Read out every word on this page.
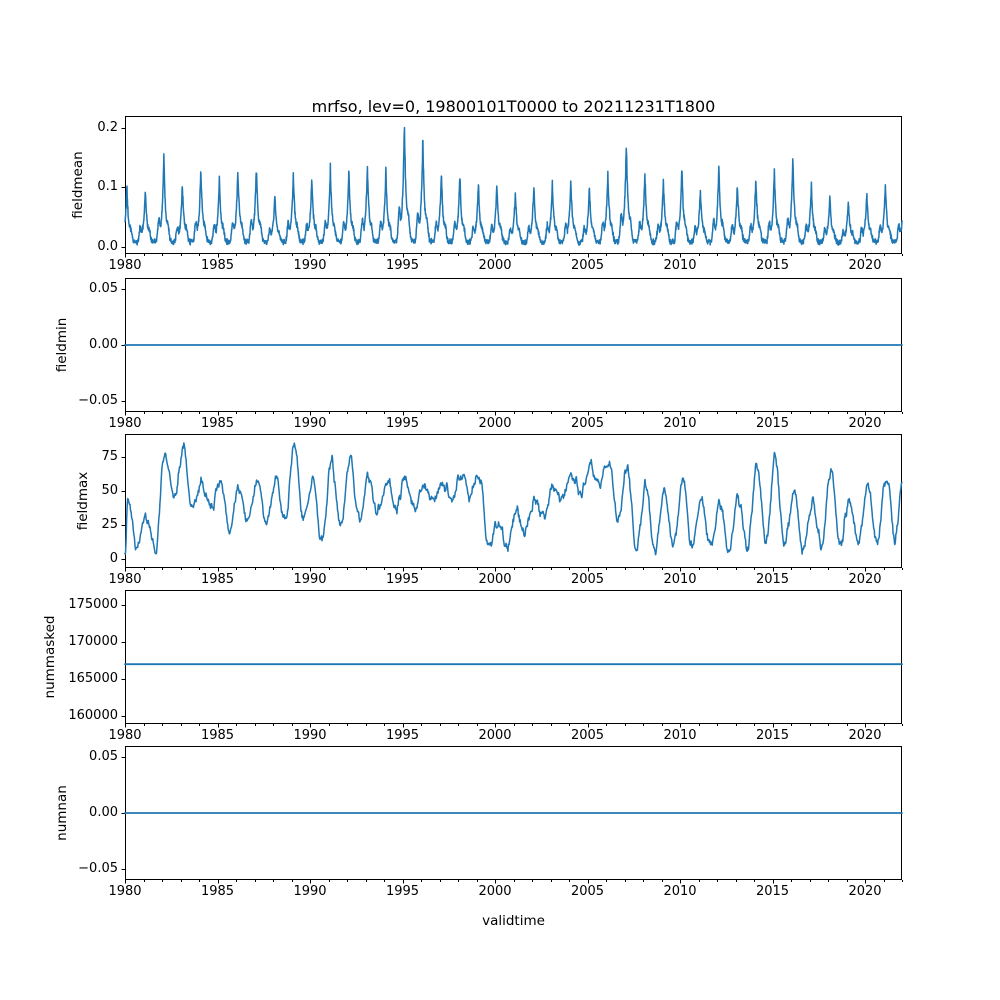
mrfso, lev=0, 19800101T0000 to 20211231T1800
fieldmean
fieldmin
fieldmax
nummasked
numnan
validtime
0.0
0.1
0.2
1980	1985	1990	1995	2000	2005	2010	2015	2020
−0.05
0.00
0.05
1980	1985	1990	1995	2000	2005	2010	2015	2020
0
25
50
75
1980	1985	1990	1995	2000	2005	2010	2015	2020
160000
165000
170000
175000
1980	1985	1990	1995	2000	2005	2010	2015	2020
−0.05
0.00
0.05
1980	1985	1990	1995	2000	2005	2010	2015	2020
